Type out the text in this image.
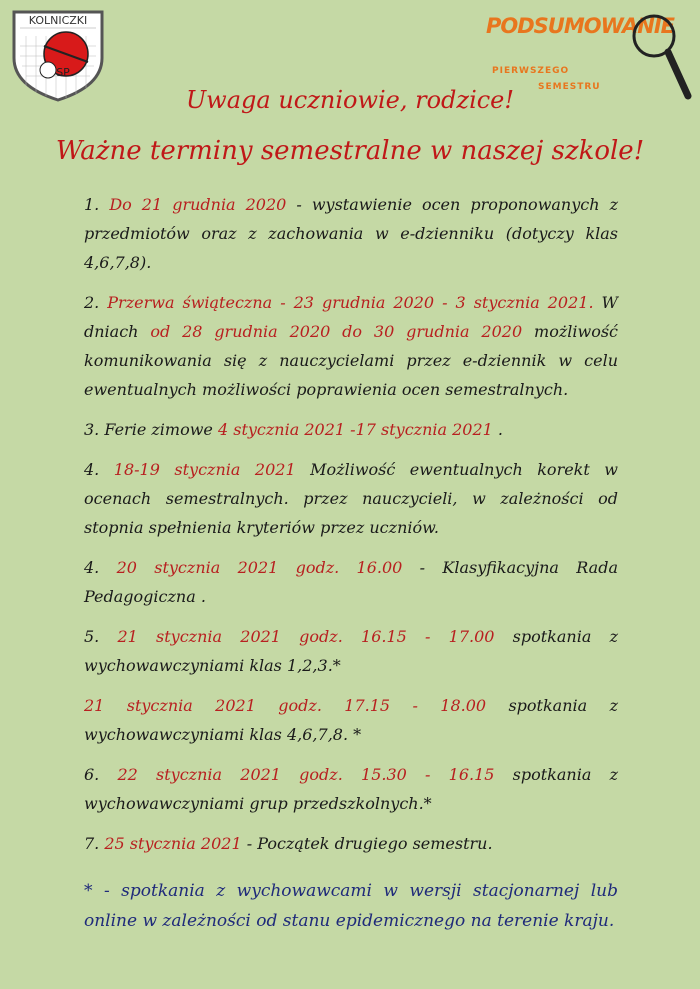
KOLNICZKI
SP
PODSUMOWANIE
PIERWSZEGO
SEMESTRU
Uwaga uczniowie, rodzice!
Ważne terminy semestralne w naszej szkole!

1. Do 21 grudnia 2020 - wystawienie ocen proponowanych z przedmiotów oraz z zachowania w e-dzienniku (dotyczy klas 4,6,7,8).

2. Przerwa świąteczna - 23 grudnia 2020 - 3 stycznia 2021. W dniach od 28 grudnia 2020 do 30 grudnia 2020 możliwość komunikowania się z nauczycielami przez e-dziennik w celu ewentualnych możliwości poprawienia ocen semestralnych.

3. Ferie zimowe 4 stycznia 2021 -17 stycznia 2021 .

4. 18-19 stycznia 2021 Możliwość ewentualnych korekt w ocenach semestralnych. przez nauczycieli, w zależności od stopnia spełnienia kryteriów przez uczniów.

4. 20 stycznia 2021 godz. 16.00 - Klasyfikacyjna Rada Pedagogiczna .

5. 21 stycznia 2021 godz. 16.15 - 17.00 spotkania z wychowawczyniami klas 1,2,3.*

21 stycznia 2021 godz. 17.15 - 18.00 spotkania z wychowawczyniami klas 4,6,7,8. *

6. 22 stycznia 2021 godz. 15.30 - 16.15 spotkania z wychowawczyniami grup przedszkolnych.*

7. 25 stycznia 2021 - Początek drugiego semestru.

* - spotkania z wychowawcami w wersji stacjonarnej lub online w zależności od stanu epidemicznego na terenie kraju.
